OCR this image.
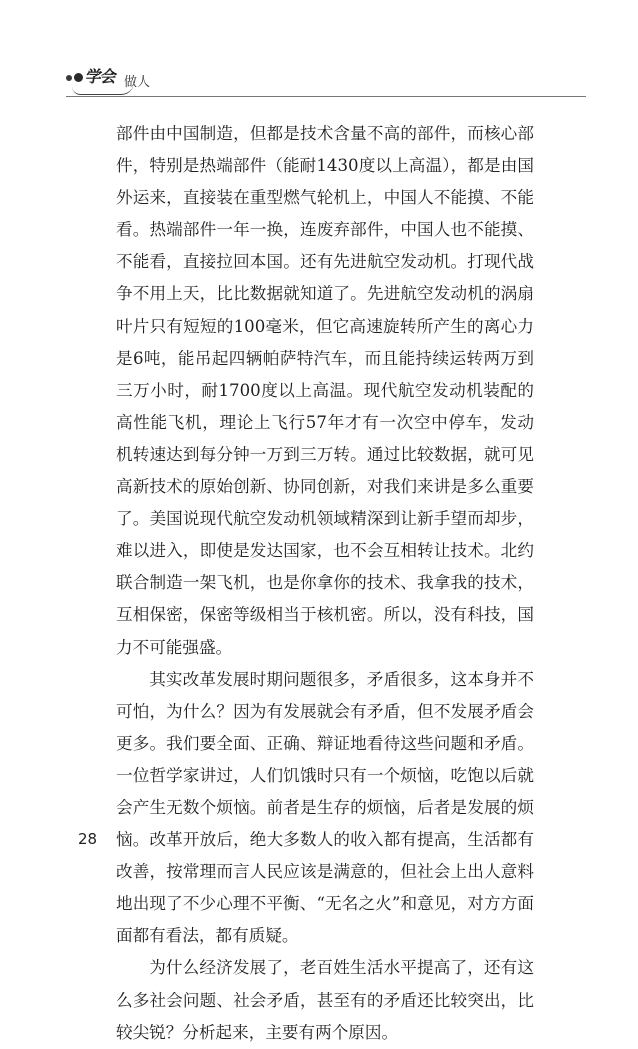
学会 做人

部件由中国制造，但都是技术含量不高的部件，而核心部件，特别是热端部件（能耐1430度以上高温），都是由国外运来，直接装在重型燃气轮机上，中国人不能摸、不能看。热端部件一年一换，连废弃部件，中国人也不能摸、不能看，直接拉回本国。还有先进航空发动机。打现代战争不用上天，比比数据就知道了。先进航空发动机的涡扇叶片只有短短的100毫米，但它高速旋转所产生的离心力是6吨，能吊起四辆帕萨特汽车，而且能持续运转两万到三万小时，耐1700度以上高温。现代航空发动机装配的高性能飞机，理论上飞行57年才有一次空中停车，发动机转速达到每分钟一万到三万转。通过比较数据，就可见高新技术的原始创新、协同创新，对我们来讲是多么重要了。美国说现代航空发动机领域精深到让新手望而却步，难以进入，即使是发达国家，也不会互相转让技术。北约联合制造一架飞机，也是你拿你的技术、我拿我的技术，互相保密，保密等级相当于核机密。所以，没有科技，国力不可能强盛。

其实改革发展时期问题很多，矛盾很多，这本身并不可怕，为什么？因为有发展就会有矛盾，但不发展矛盾会更多。我们要全面、正确、辩证地看待这些问题和矛盾。一位哲学家讲过，人们饥饿时只有一个烦恼，吃饱以后就会产生无数个烦恼。前者是生存的烦恼，后者是发展的烦恼。改革开放后，绝大多数人的收入都有提高，生活都有改善，按常理而言人民应该是满意的，但社会上出人意料地出现了不少心理不平衡、“无名之火”和意见，对方方面面都有看法，都有质疑。

为什么经济发展了，老百姓生活水平提高了，还有这么多社会问题、社会矛盾，甚至有的矛盾还比较突出，比较尖锐？分析起来，主要有两个原因。

28
